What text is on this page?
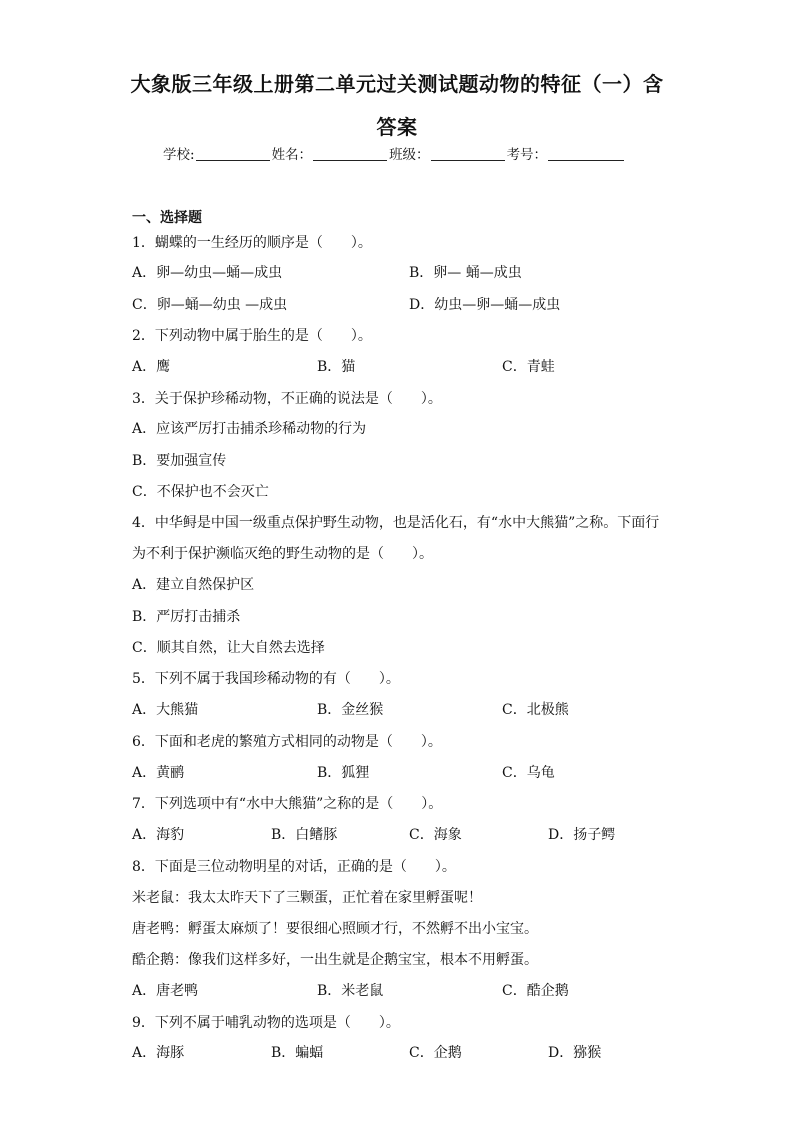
大象版三年级上册第二单元过关测试题动物的特征（一）含
答案
学校:	姓名：	班级：	考号：
一、选择题
1．蝴蝶的一生经历的顺序是（　　）。
A．卵—幼虫—蛹—成虫	B．卵— 蛹—成虫
C．卵—蛹—幼虫 —成虫	D．幼虫—卵—蛹—成虫
2．下列动物中属于胎生的是（　　）。
A．鹰	B．猫	C．青蛙
3．关于保护珍稀动物，不正确的说法是（　　）。
A．应该严厉打击捕杀珍稀动物的行为
B．要加强宣传
C．不保护也不会灭亡
4．中华鲟是中国一级重点保护野生动物，也是活化石，有“水中大熊猫”之称。下面行
为不利于保护濒临灭绝的野生动物的是（　　）。
A．建立自然保护区
B．严厉打击捕杀
C．顺其自然，让大自然去选择
5．下列不属于我国珍稀动物的有（　　）。
A．大熊猫	B．金丝猴	C．北极熊
6．下面和老虎的繁殖方式相同的动物是（　　）。
A．黄鹂	B．狐狸	C．乌龟
7．下列选项中有“水中大熊猫”之称的是（　　）。
A．海豹	B．白鳍豚	C．海象	D．扬子鳄
8．下面是三位动物明星的对话，正确的是（　　）。
米老鼠：我太太昨天下了三颗蛋，正忙着在家里孵蛋呢！
唐老鸭：孵蛋太麻烦了！要很细心照顾才行，不然孵不出小宝宝。
酷企鹅：像我们这样多好，一出生就是企鹅宝宝，根本不用孵蛋。
A．唐老鸭	B．米老鼠	C．酷企鹅
9．下列不属于哺乳动物的选项是（　　）。
A．海豚	B．蝙蝠	C．企鹅	D．猕猴
